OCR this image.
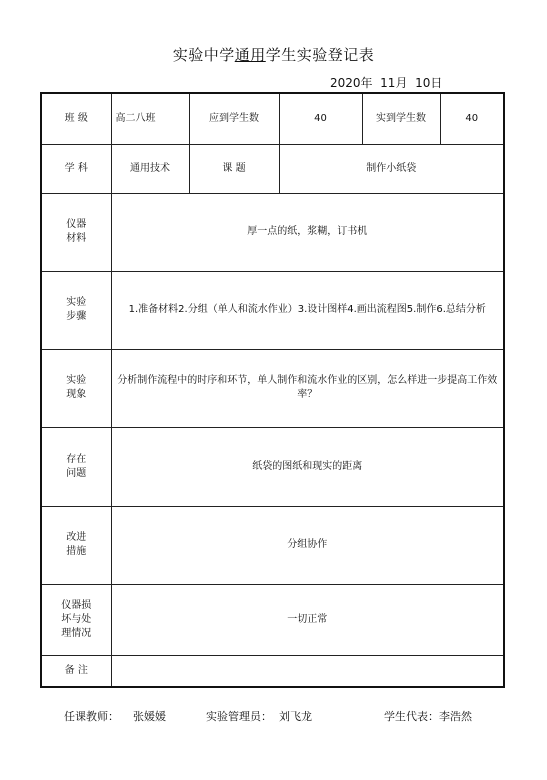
实验中学通用学生实验登记表
2020年  11月  10日
班 级	高二八班	应到学生数	40	实到学生数	40
学 科	通用技术	课 题	制作小纸袋		
仪器
材料	厚一点的纸，浆糊，订书机				
实验
步骤	1.准备材料2.分组（单人和流水作业）3.设计图样4.画出流程图5.制作6.总结分析				
实验
现象	分析制作流程中的时序和环节，单人制作和流水作业的区别，怎么样进一步提高工作效率？				
存在
问题	纸袋的图纸和现实的距离				
改进
措施	分组协作				
仪器损
坏与处
理情况	一切正常				
备 注					
任课教师： 张媛媛	实验管理员： 刘飞龙	学生代表：李浩然
